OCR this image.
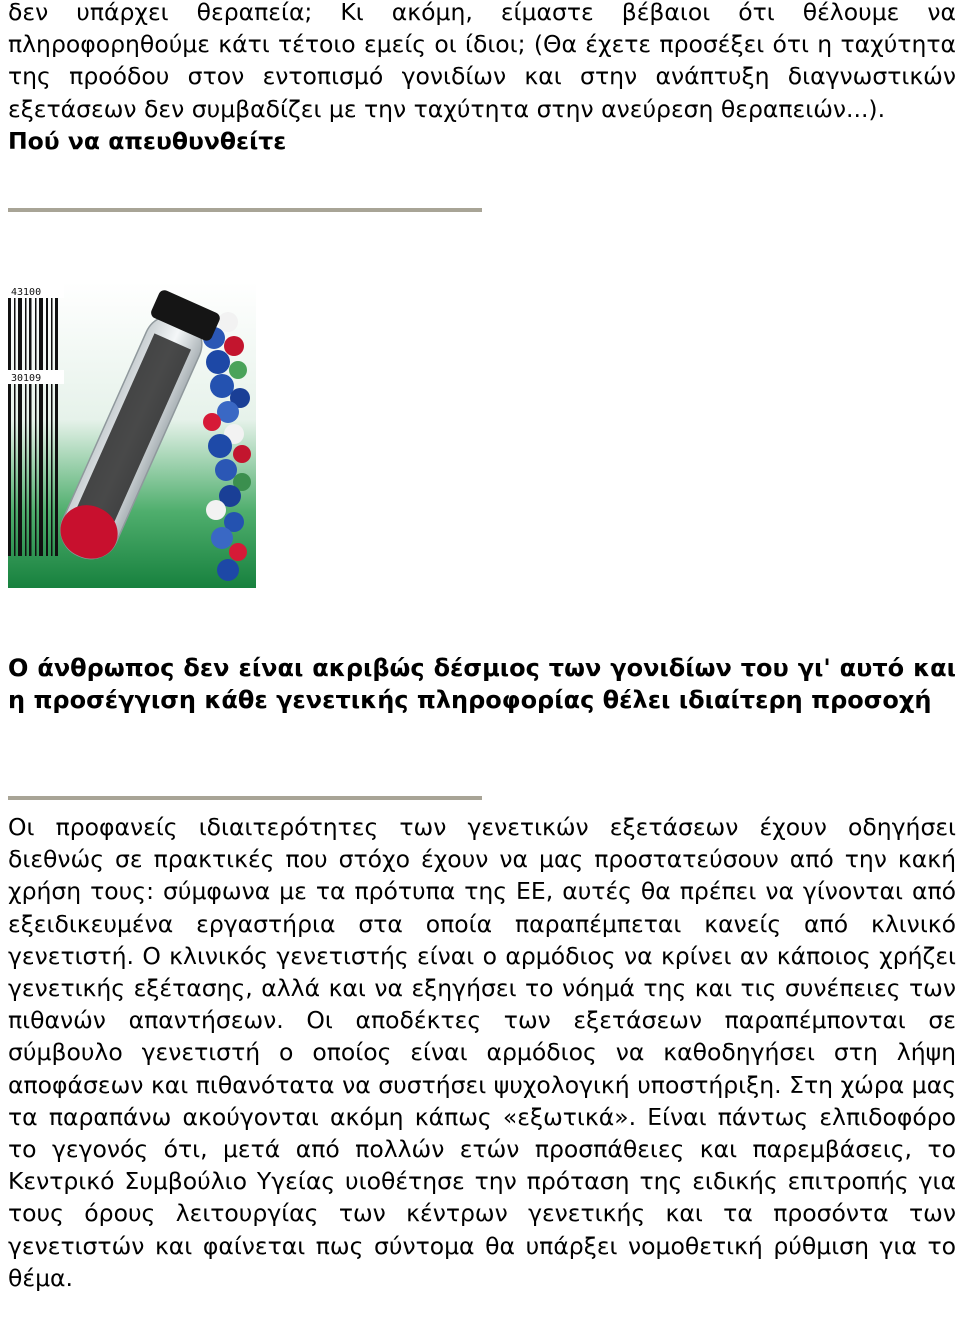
δεν υπάρχει θεραπεία; Κι ακόμη, είμαστε βέβαιοι ότι θέλουμε να πληροφορηθούμε κάτι τέτοιο εμείς οι ίδιοι; (Θα έχετε προσέξει ότι η ταχύτητα της προόδου στον εντοπισμό γονιδίων και στην ανάπτυξη διαγνωστικών εξετάσεων δεν συμβαδίζει με την ταχύτητα στην ανεύρεση θεραπειών...).

Πού να απευθυνθείτε

43100
30109

Ο άνθρωπος δεν είναι ακριβώς δέσμιος των γονιδίων του γι' αυτό και η προσέγγιση κάθε γενετικής πληροφορίας θέλει ιδιαίτερη προσοχή

Οι προφανείς ιδιαιτερότητες των γενετικών εξετάσεων έχουν οδηγήσει διεθνώς σε πρακτικές που στόχο έχουν να μας προστατεύσουν από την κακή χρήση τους: σύμφωνα με τα πρότυπα της ΕΕ, αυτές θα πρέπει να γίνονται από εξειδικευμένα εργαστήρια στα οποία παραπέμπεται κανείς από κλινικό γενετιστή. Ο κλινικός γενετιστής είναι ο αρμόδιος να κρίνει αν κάποιος χρήζει γενετικής εξέτασης, αλλά και να εξηγήσει το νόημά της και τις συνέπειες των πιθανών απαντήσεων. Οι αποδέκτες των εξετάσεων παραπέμπονται σε σύμβουλο γενετιστή ο οποίος είναι αρμόδιος να καθοδηγήσει στη λήψη αποφάσεων και πιθανότατα να συστήσει ψυχολογική υποστήριξη. Στη χώρα μας τα παραπάνω ακούγονται ακόμη κάπως «εξωτικά». Είναι πάντως ελπιδοφόρο το γεγονός ότι, μετά από πολλών ετών προσπάθειες και παρεμβάσεις, το Κεντρικό Συμβούλιο Υγείας υιοθέτησε την πρόταση της ειδικής επιτροπής για τους όρους λειτουργίας των κέντρων γενετικής και τα προσόντα των γενετιστών και φαίνεται πως σύντομα θα υπάρξει νομοθετική ρύθμιση για το θέμα.
